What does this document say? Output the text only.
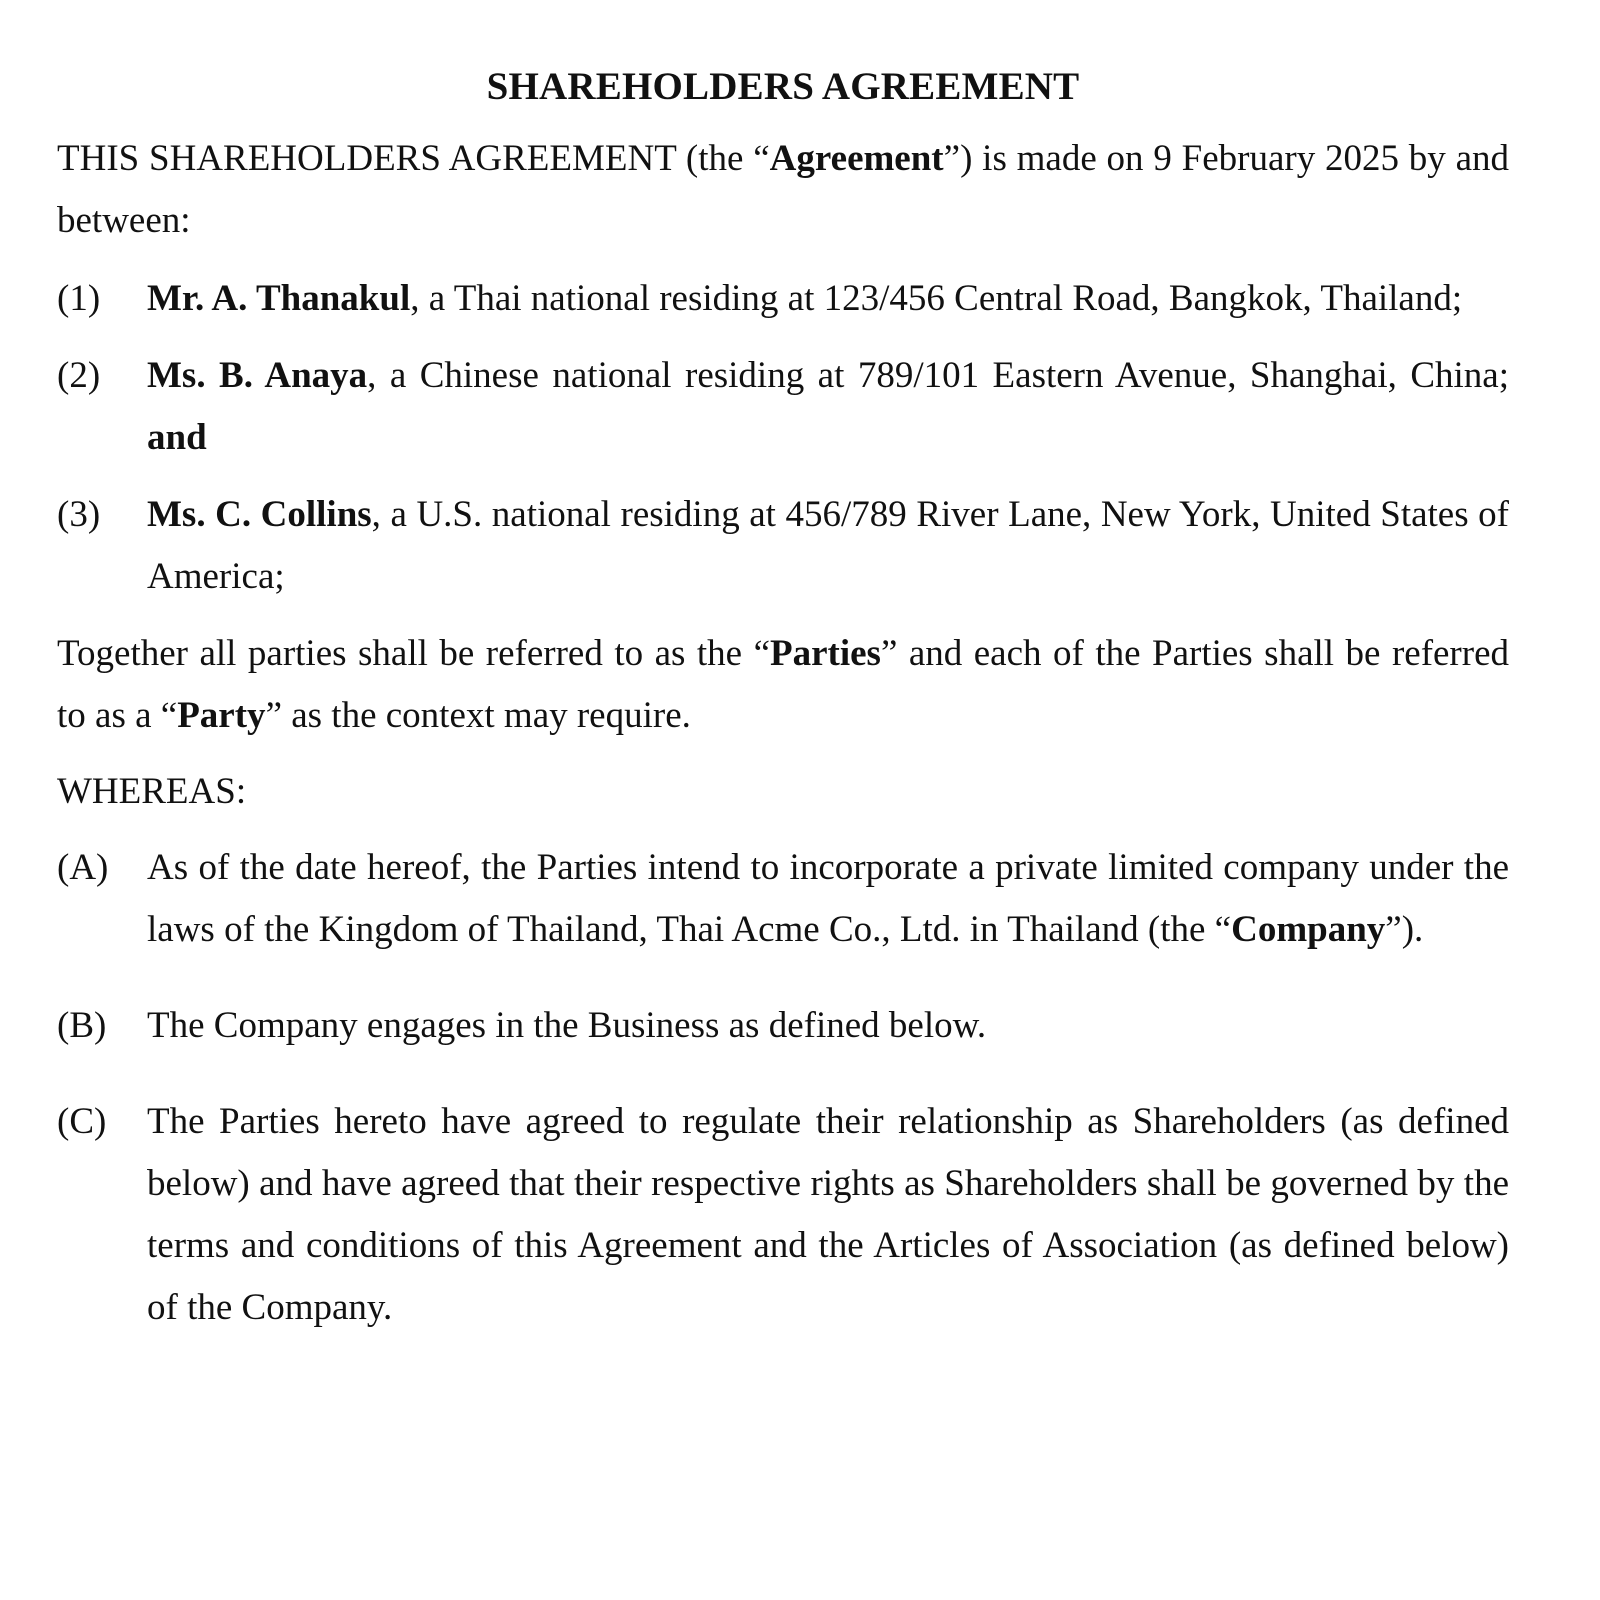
SHAREHOLDERS AGREEMENT

THIS SHAREHOLDERS AGREEMENT (the “Agreement”) is made on 9 February 2025 by and between:

(1)	Mr. A. Thanakul, a Thai national residing at 123/456 Central Road, Bangkok, Thailand;
(2)	Ms. B. Anaya, a Chinese national residing at 789/101 Eastern Avenue, Shanghai, China; and
(3)	Ms. C. Collins, a U.S. national residing at 456/789 River Lane, New York, United States of America;

Together all parties shall be referred to as the “Parties” and each of the Parties shall be referred to as a “Party” as the context may require.

WHEREAS:

(A)	As of the date hereof, the Parties intend to incorporate a private limited company under the laws of the Kingdom of Thailand, Thai Acme Co., Ltd. in Thailand (the “Company”).
(B)	The Company engages in the Business as defined below.
(C)	The Parties hereto have agreed to regulate their relationship as Shareholders (as defined below) and have agreed that their respective rights as Shareholders shall be governed by the terms and conditions of this Agreement and the Articles of Association (as defined below) of the Company.
